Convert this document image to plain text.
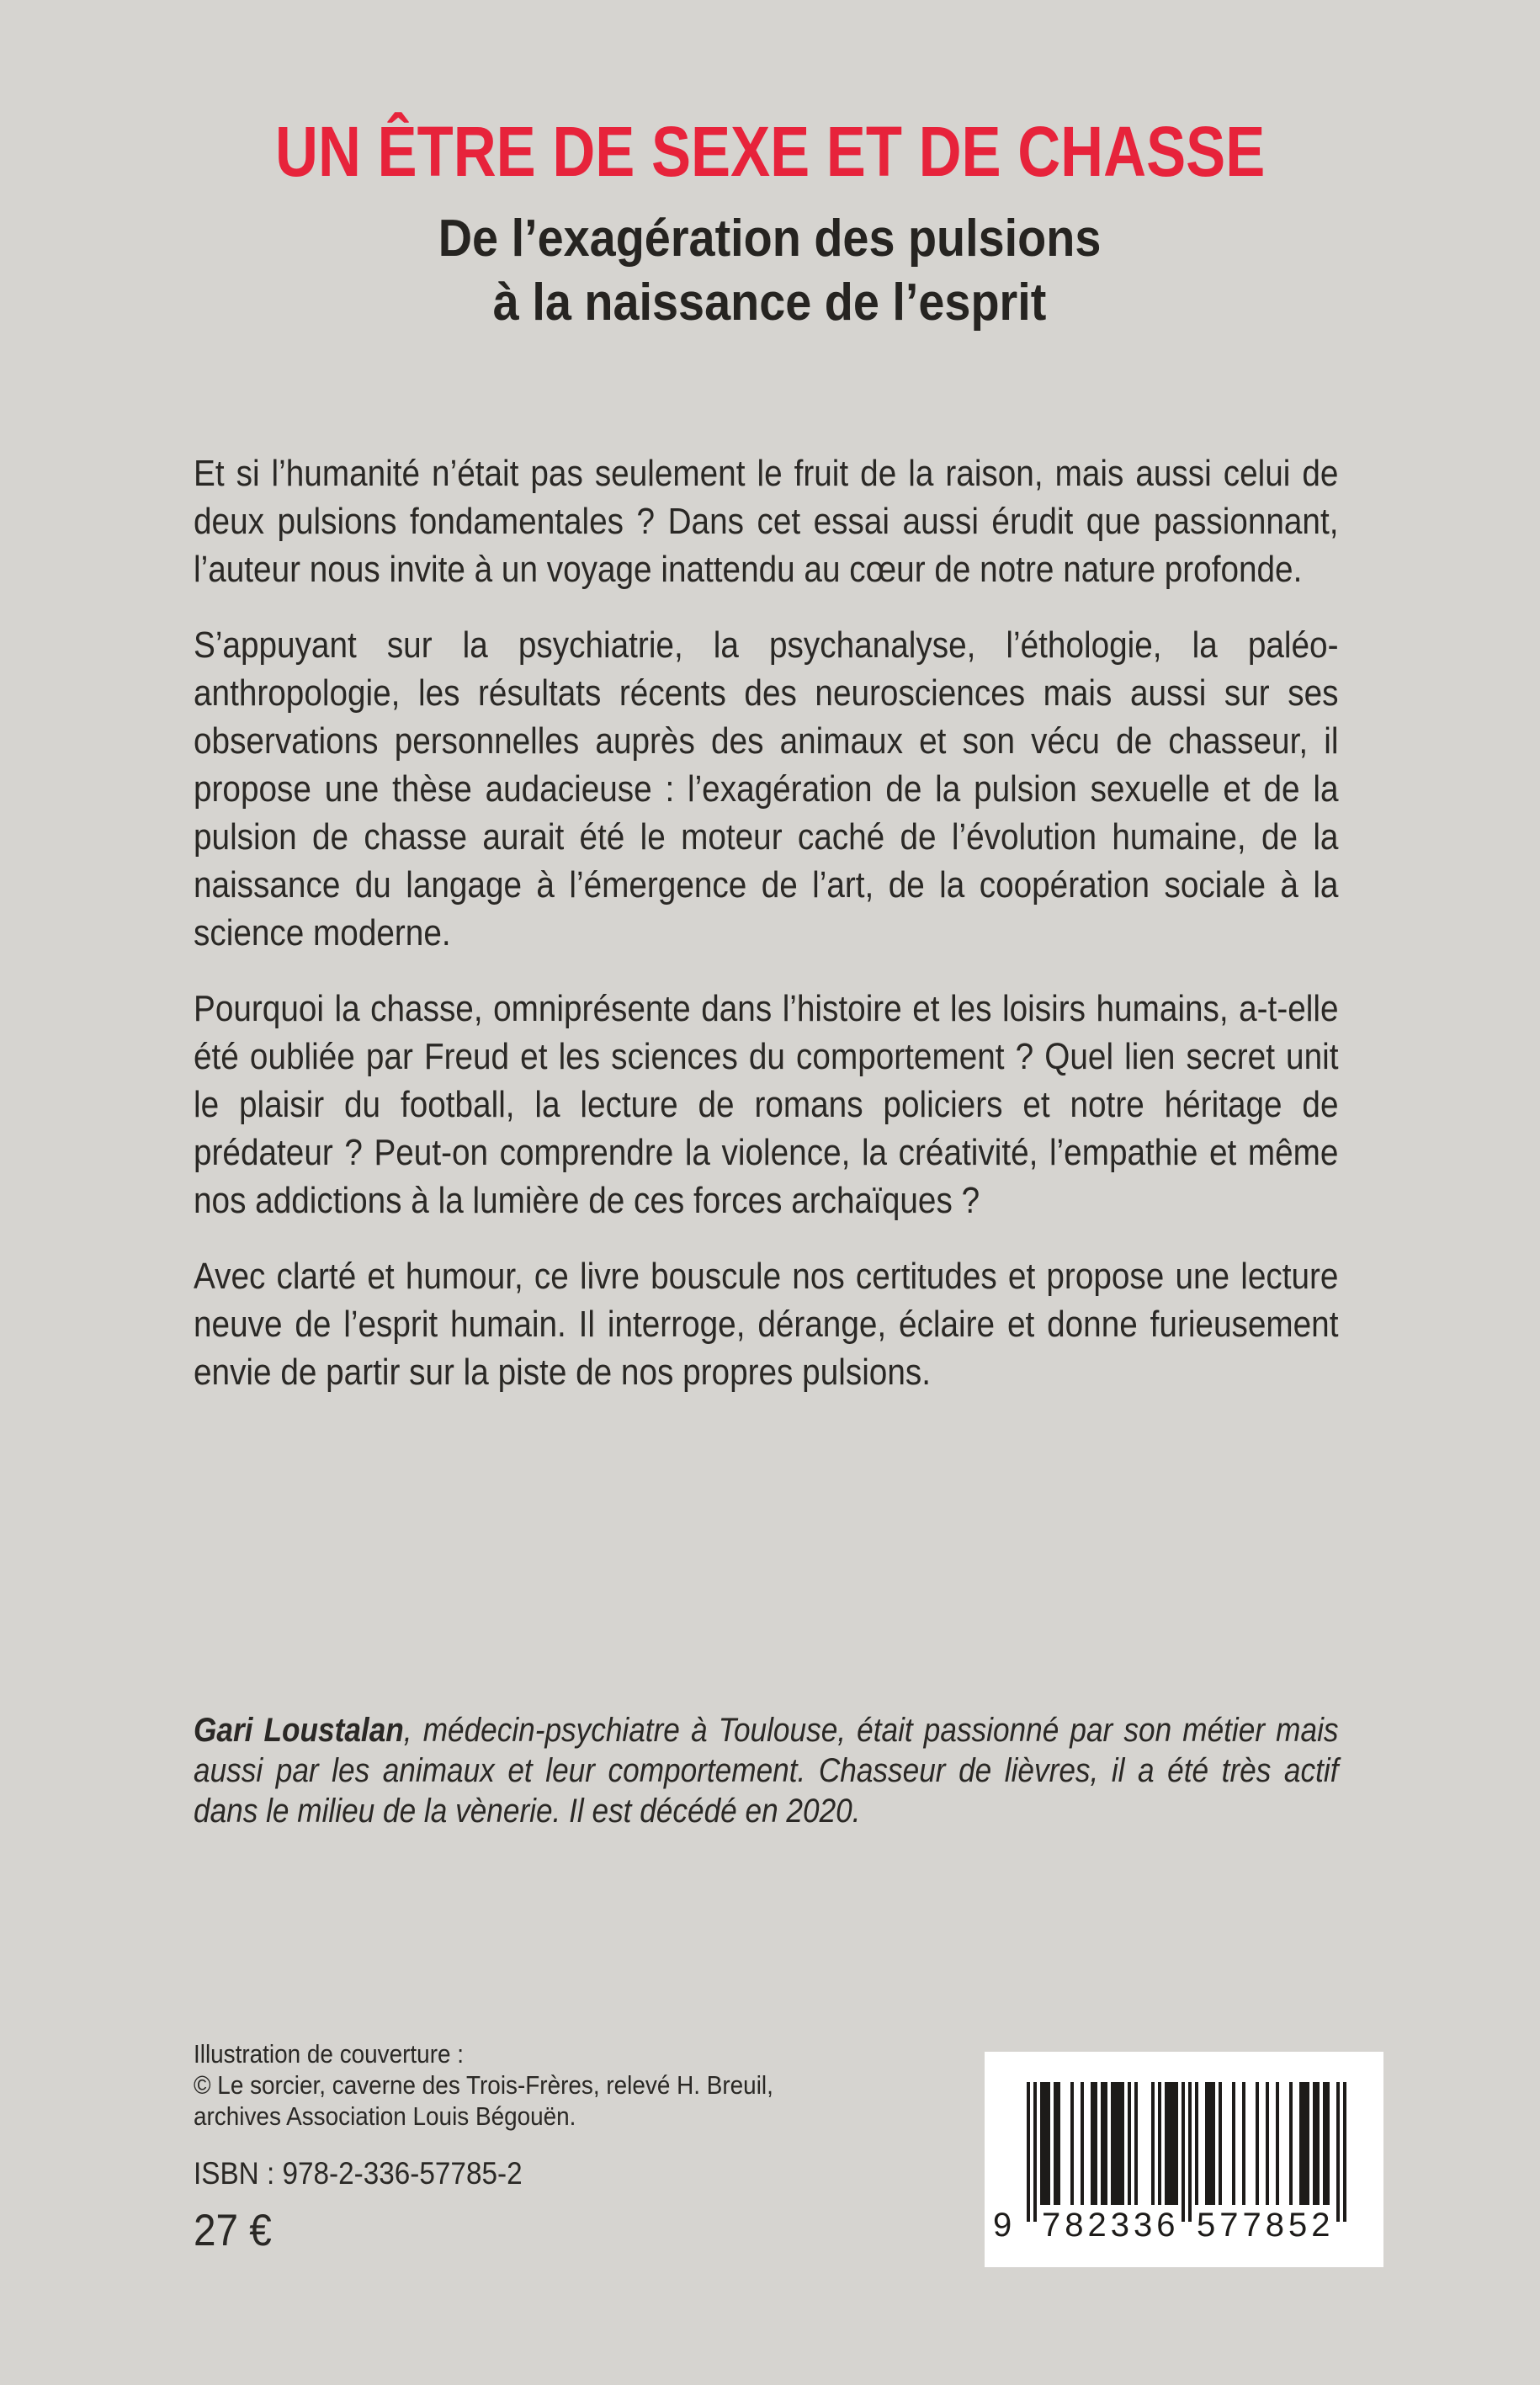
UN ÊTRE DE SEXE ET DE CHASSE
De l’exagération des pulsions
à la naissance de l’esprit

Et si l’humanité n’était pas seulement le fruit de la raison, mais aussi celui de deux pulsions fondamentales ? Dans cet essai aussi érudit que passionnant, l’auteur nous invite à un voyage inattendu au cœur de notre nature profonde.

S’appuyant sur la psychiatrie, la psychanalyse, l’éthologie, la paléo-anthropologie, les résultats récents des neurosciences mais aussi sur ses observations personnelles auprès des animaux et son vécu de chasseur, il propose une thèse audacieuse : l’exagération de la pulsion sexuelle et de la pulsion de chasse aurait été le moteur caché de l’évolution humaine, de la naissance du langage à l’émergence de l’art, de la coopération sociale à la science moderne.

Pourquoi la chasse, omniprésente dans l’histoire et les loisirs humains, a-t-elle été oubliée par Freud et les sciences du comportement ? Quel lien secret unit le plaisir du football, la lecture de romans policiers et notre héritage de prédateur ? Peut-on comprendre la violence, la créativité, l’empathie et même nos addictions à la lumière de ces forces archaïques ?

Avec clarté et humour, ce livre bouscule nos certitudes et propose une lecture neuve de l’esprit humain. Il interroge, dérange, éclaire et donne furieusement envie de partir sur la piste de nos propres pulsions.

Gari Loustalan, médecin-psychiatre à Toulouse, était passionné par son métier mais aussi par les animaux et leur comportement. Chasseur de lièvres, il a été très actif dans le milieu de la vènerie. Il est décédé en 2020.
Illustration de couverture :
© Le sorcier, caverne des Trois-Frères, relevé H. Breuil,
archives Association Louis Bégouën.
ISBN : 978-2-336-57785-2
27 €	9 782336 577852
